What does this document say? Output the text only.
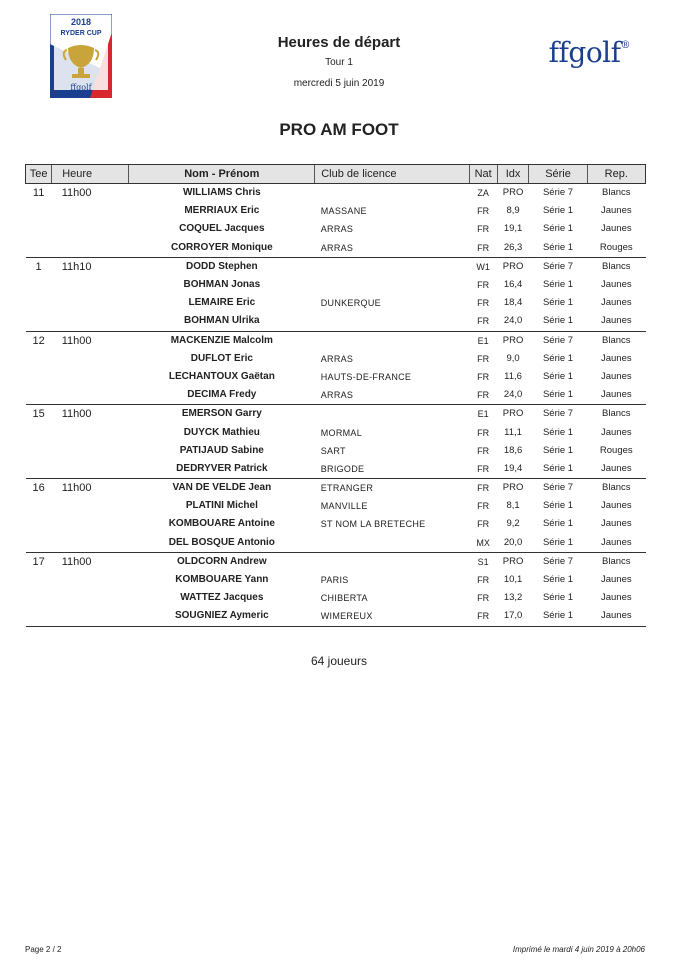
2018
RYDER CUP
ffgolf
Heures de départ
Tour 1
mercredi 5 juin 2019
ffgolf®
PRO AM FOOT
Tee	Heure	Nom - Prénom	Club de licence	Nat	Idx	Série	Rep.
11	11h00	WILLIAMS Chris		ZA	PRO	Série 7	Blancs
		MERRIAUX Eric	MASSANE	FR	8,9	Série 1	Jaunes
		COQUEL Jacques	ARRAS	FR	19,1	Série 1	Jaunes
		CORROYER Monique	ARRAS	FR	26,3	Série 1	Rouges
1	11h10	DODD Stephen		W1	PRO	Série 7	Blancs
		BOHMAN Jonas		FR	16,4	Série 1	Jaunes
		LEMAIRE Eric	DUNKERQUE	FR	18,4	Série 1	Jaunes
		BOHMAN Ulrika		FR	24,0	Série 1	Jaunes
12	11h00	MACKENZIE Malcolm		E1	PRO	Série 7	Blancs
		DUFLOT Eric	ARRAS	FR	9,0	Série 1	Jaunes
		LECHANTOUX Gaëtan	HAUTS-DE-FRANCE	FR	11,6	Série 1	Jaunes
		DECIMA Fredy	ARRAS	FR	24,0	Série 1	Jaunes
15	11h00	EMERSON Garry		E1	PRO	Série 7	Blancs
		DUYCK Mathieu	MORMAL	FR	11,1	Série 1	Jaunes
		PATIJAUD Sabine	SART	FR	18,6	Série 1	Rouges
		DEDRYVER Patrick	BRIGODE	FR	19,4	Série 1	Jaunes
16	11h00	VAN DE VELDE Jean	ETRANGER	FR	PRO	Série 7	Blancs
		PLATINI Michel	MANVILLE	FR	8,1	Série 1	Jaunes
		KOMBOUARE Antoine	ST NOM LA BRETECHE	FR	9,2	Série 1	Jaunes
		DEL BOSQUE Antonio		MX	20,0	Série 1	Jaunes
17	11h00	OLDCORN Andrew		S1	PRO	Série 7	Blancs
		KOMBOUARE Yann	PARIS	FR	10,1	Série 1	Jaunes
		WATTEZ Jacques	CHIBERTA	FR	13,2	Série 1	Jaunes
		SOUGNIEZ Aymeric	WIMEREUX	FR	17,0	Série 1	Jaunes
64 joueurs
Page 2 / 2	Imprimé le mardi 4 juin 2019 à 20h06
